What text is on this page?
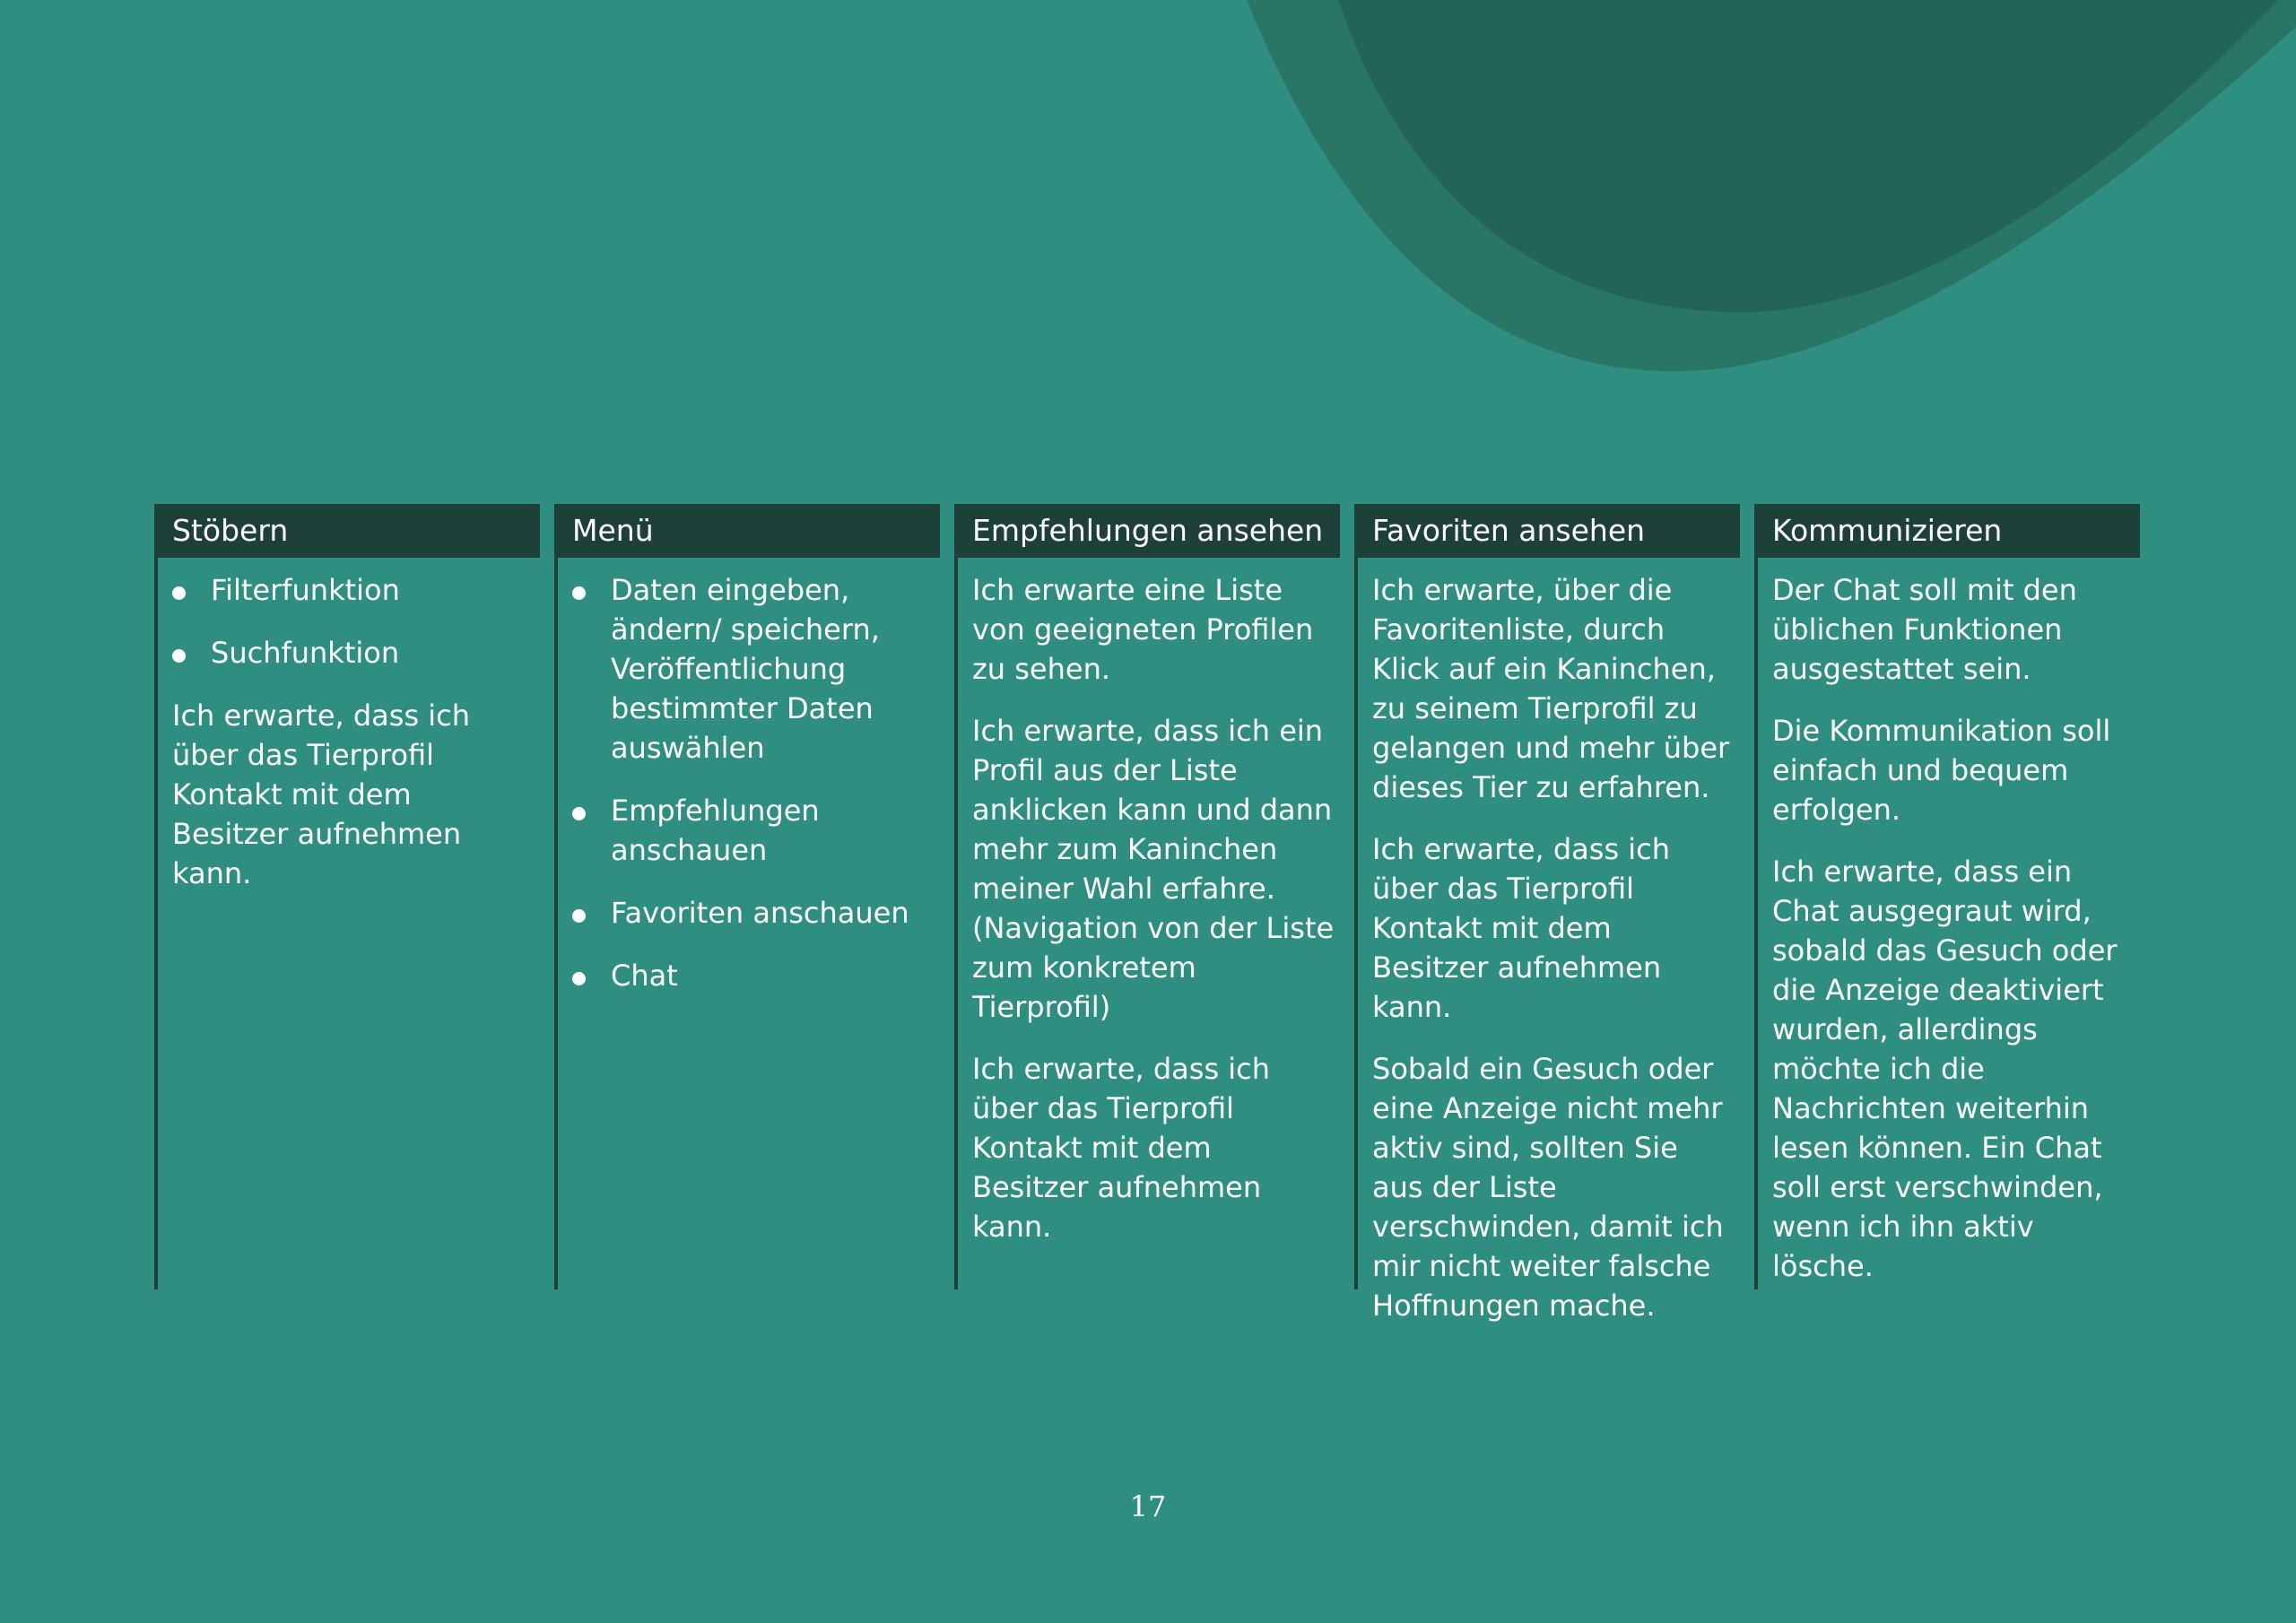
Stöbern
Filterfunktion
Suchfunktion

Ich erwarte, dass ich über das Tierprofil Kontakt mit dem Besitzer aufnehmen kann.

Menü
Daten eingeben, ändern/ speichern, Veröffentlichung bestimmter Daten auswählen
Empfehlungen anschauen
Favoriten anschauen
Chat
Empfehlungen ansehen

Ich erwarte eine Liste von geeigneten Profilen zu sehen.

Ich erwarte, dass ich ein Profil aus der Liste anklicken kann und dann mehr zum Kaninchen meiner Wahl erfahre. (Navigation von der Liste zum konkretem Tierprofil)

Ich erwarte, dass ich über das Tierprofil Kontakt mit dem Besitzer aufnehmen kann.

Favoriten ansehen

Ich erwarte, über die Favoritenliste, durch Klick auf ein Kaninchen, zu seinem Tierprofil zu gelangen und mehr über dieses Tier zu erfahren.

Ich erwarte, dass ich über das Tierprofil Kontakt mit dem Besitzer aufnehmen kann.

Sobald ein Gesuch oder eine Anzeige nicht mehr aktiv sind, sollten Sie aus der Liste verschwinden, damit ich mir nicht weiter falsche Hoffnungen mache.

Kommunizieren

Der Chat soll mit den üblichen Funktionen ausgestattet sein.

Die Kommunikation soll einfach und bequem erfolgen.

Ich erwarte, dass ein Chat ausgegraut wird, sobald das Gesuch oder die Anzeige deaktiviert wurden, allerdings möchte ich die Nachrichten weiterhin lesen können. Ein Chat soll erst verschwinden, wenn ich ihn aktiv lösche.

17
